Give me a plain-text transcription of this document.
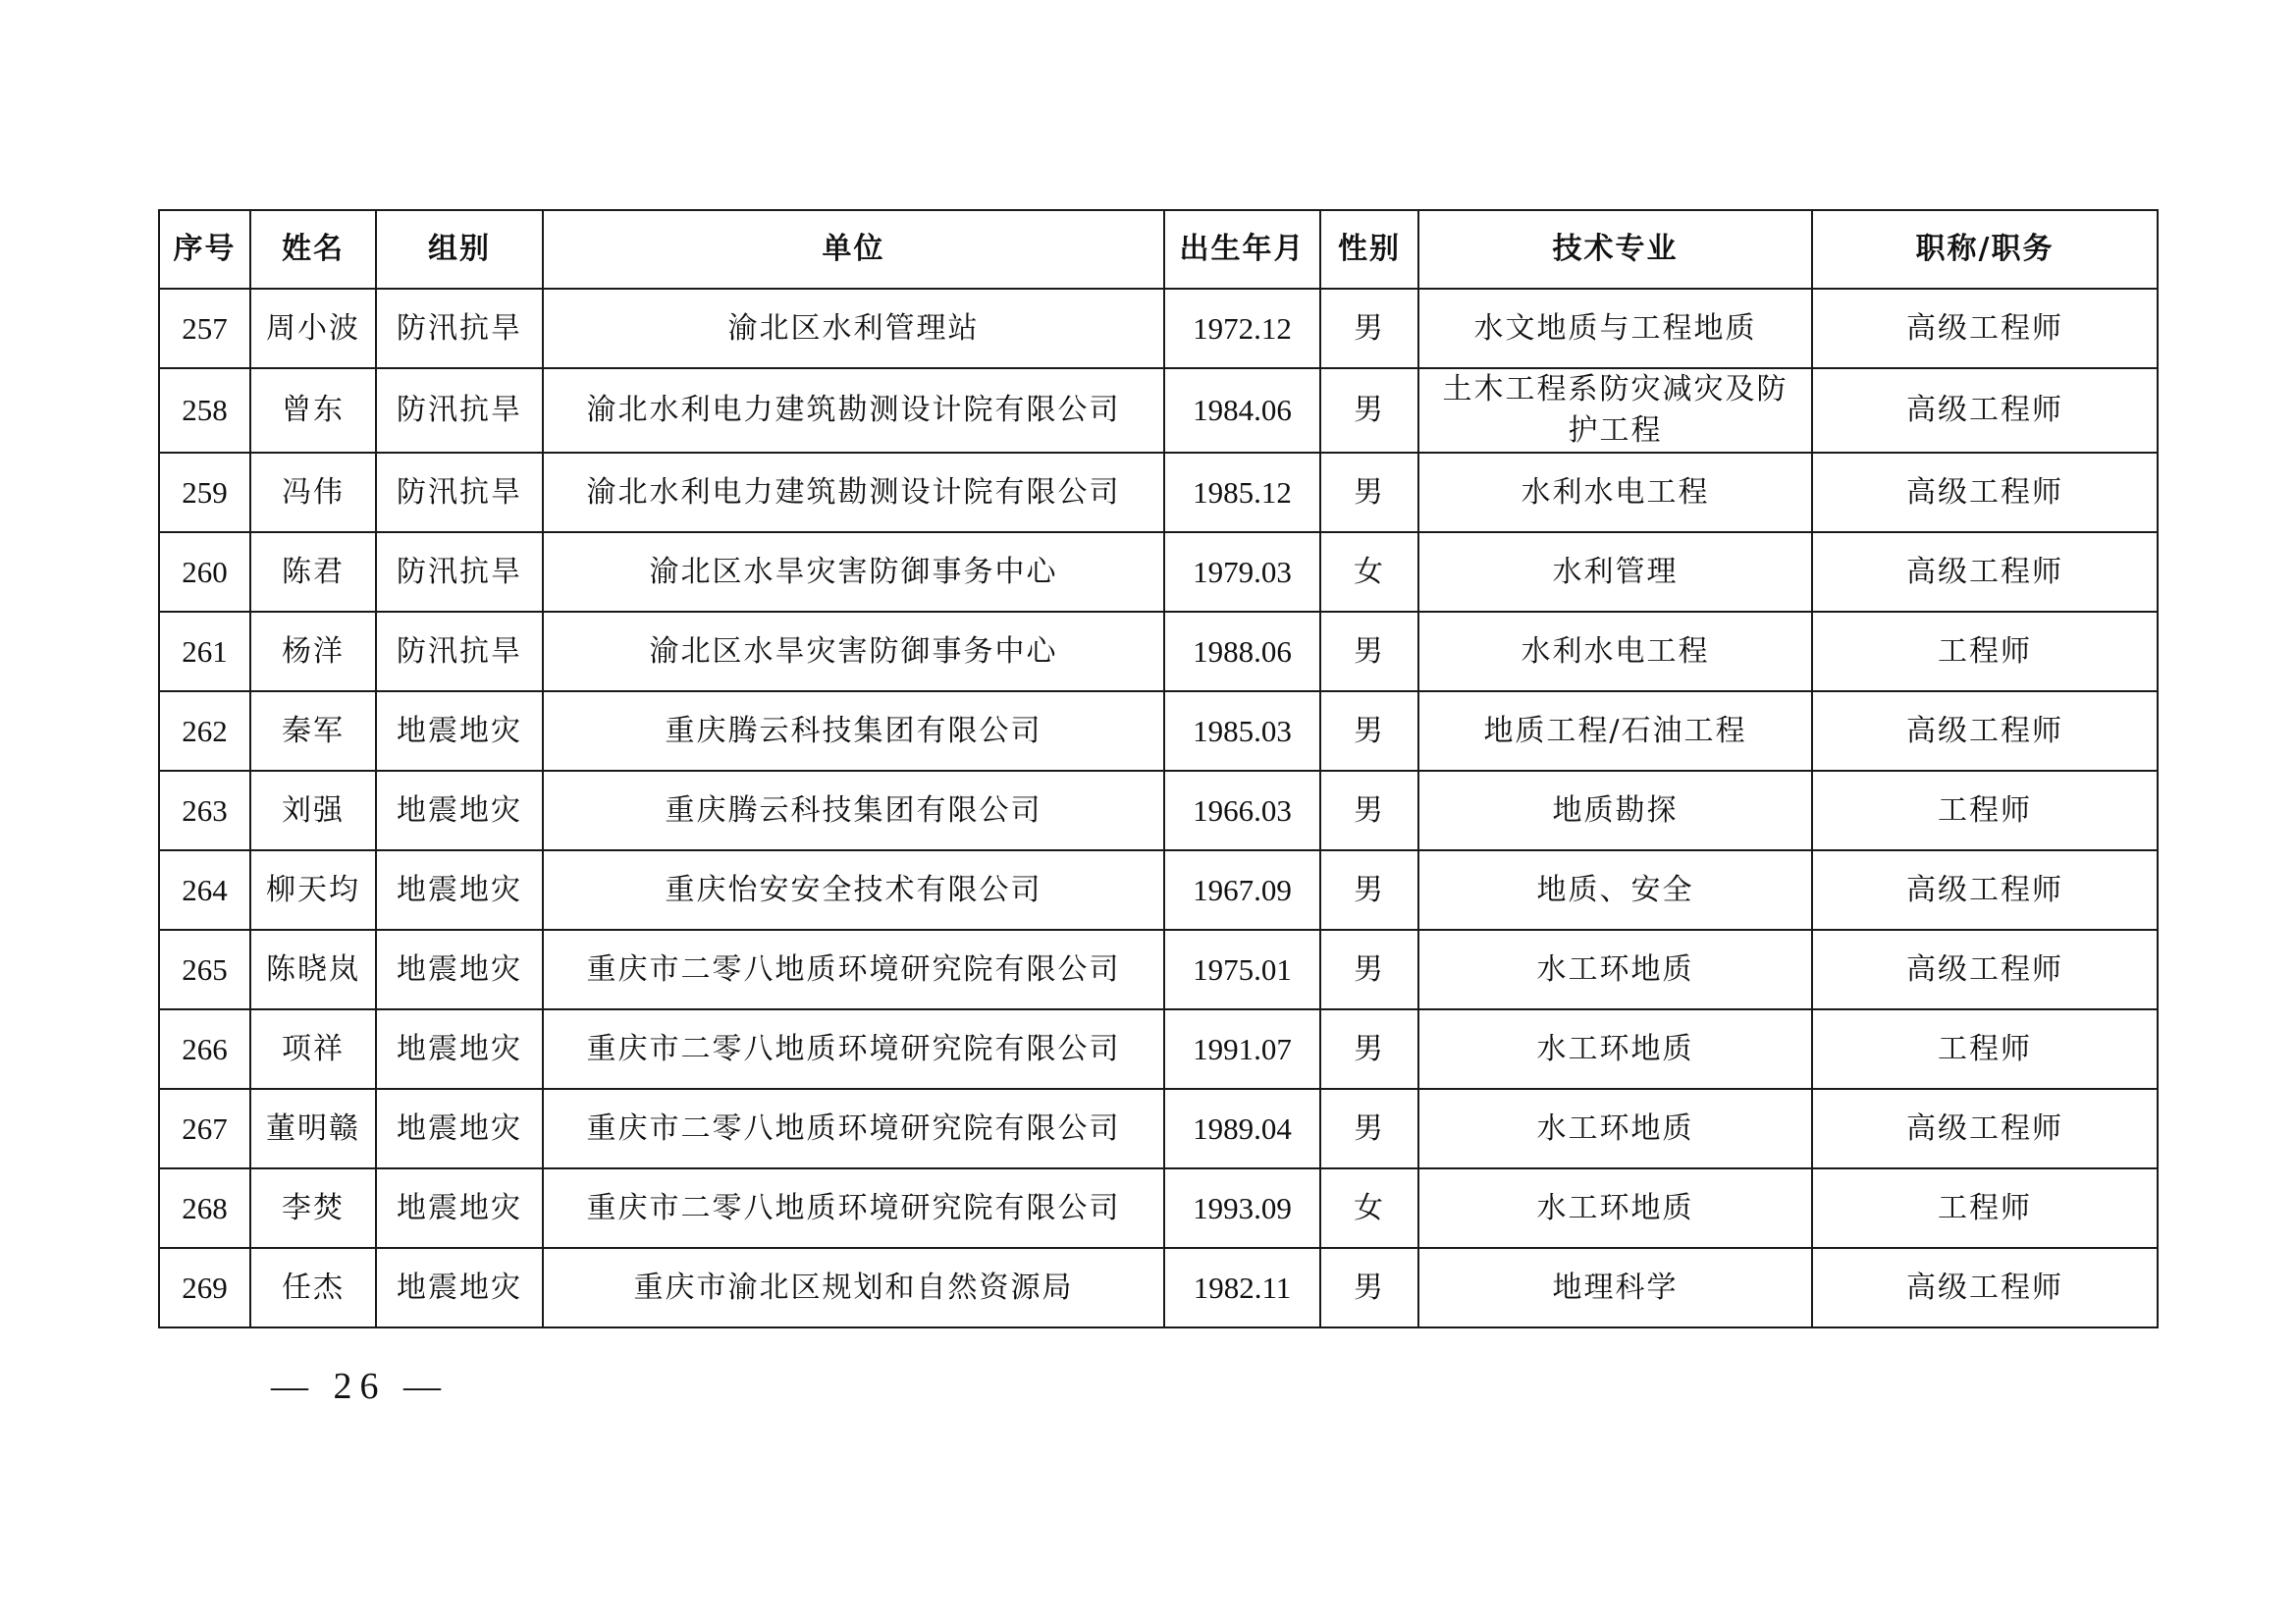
序号	姓名	组别	单位	出生年月	性别	技术专业	职称/职务
257	周小波	防汛抗旱	渝北区水利管理站	1972.12	男	水文地质与工程地质	高级工程师
258	曾东	防汛抗旱	渝北水利电力建筑勘测设计院有限公司	1984.06	男	土木工程系防灾减灾及防护工程	高级工程师
259	冯伟	防汛抗旱	渝北水利电力建筑勘测设计院有限公司	1985.12	男	水利水电工程	高级工程师
260	陈君	防汛抗旱	渝北区水旱灾害防御事务中心	1979.03	女	水利管理	高级工程师
261	杨洋	防汛抗旱	渝北区水旱灾害防御事务中心	1988.06	男	水利水电工程	工程师
262	秦军	地震地灾	重庆腾云科技集团有限公司	1985.03	男	地质工程/石油工程	高级工程师
263	刘强	地震地灾	重庆腾云科技集团有限公司	1966.03	男	地质勘探	工程师
264	柳天均	地震地灾	重庆怡安安全技术有限公司	1967.09	男	地质、安全	高级工程师
265	陈晓岚	地震地灾	重庆市二零八地质环境研究院有限公司	1975.01	男	水工环地质	高级工程师
266	项祥	地震地灾	重庆市二零八地质环境研究院有限公司	1991.07	男	水工环地质	工程师
267	董明赣	地震地灾	重庆市二零八地质环境研究院有限公司	1989.04	男	水工环地质	高级工程师
268	李焚	地震地灾	重庆市二零八地质环境研究院有限公司	1993.09	女	水工环地质	工程师
269	任杰	地震地灾	重庆市渝北区规划和自然资源局	1982.11	男	地理科学	高级工程师
— 26 —
